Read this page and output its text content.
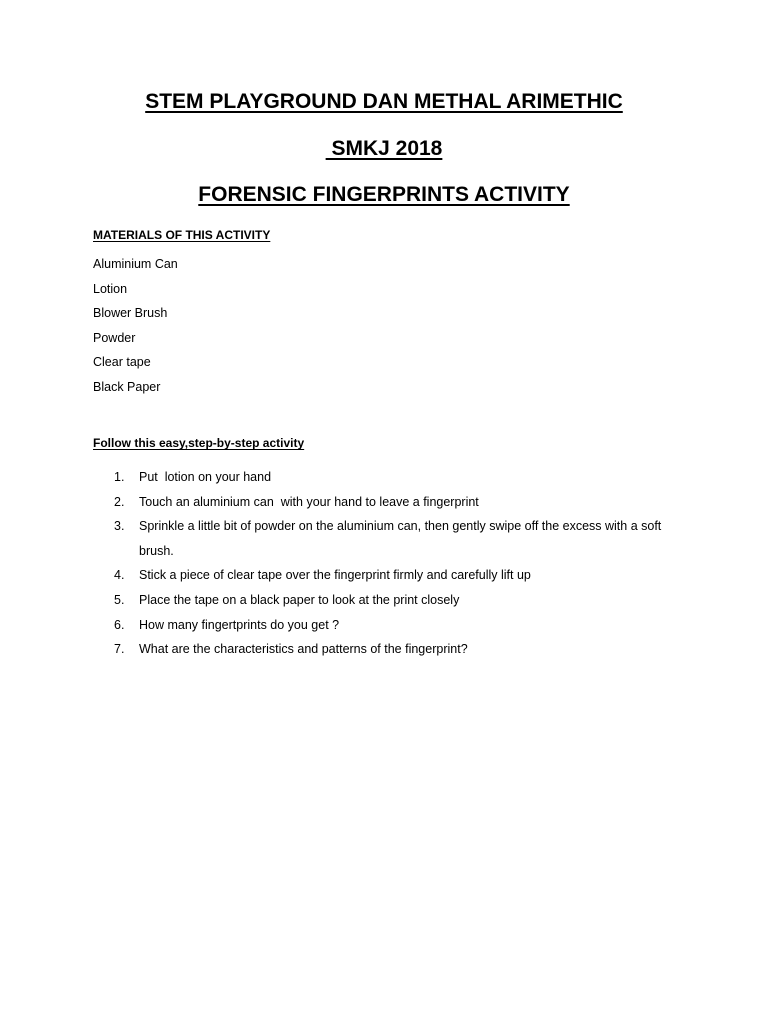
STEM PLAYGROUND DAN METHAL ARIMETHIC
SMKJ 2018
FORENSIC FINGERPRINTS ACTIVITY

MATERIALS OF THIS ACTIVITY

Aluminium Can
Lotion
Blower Brush
Powder
Clear tape
Black Paper

Follow this easy,step-by-step activity

1. Put  lotion on your hand
2. Touch an aluminium can  with your hand to leave a fingerprint
3. Sprinkle a little bit of powder on the aluminium can, then gently swipe off the excess with a soft brush.
4. Stick a piece of clear tape over the fingerprint firmly and carefully lift up
5. Place the tape on a black paper to look at the print closely
6. How many fingertprints do you get ?
7. What are the characteristics and patterns of the fingerprint?
